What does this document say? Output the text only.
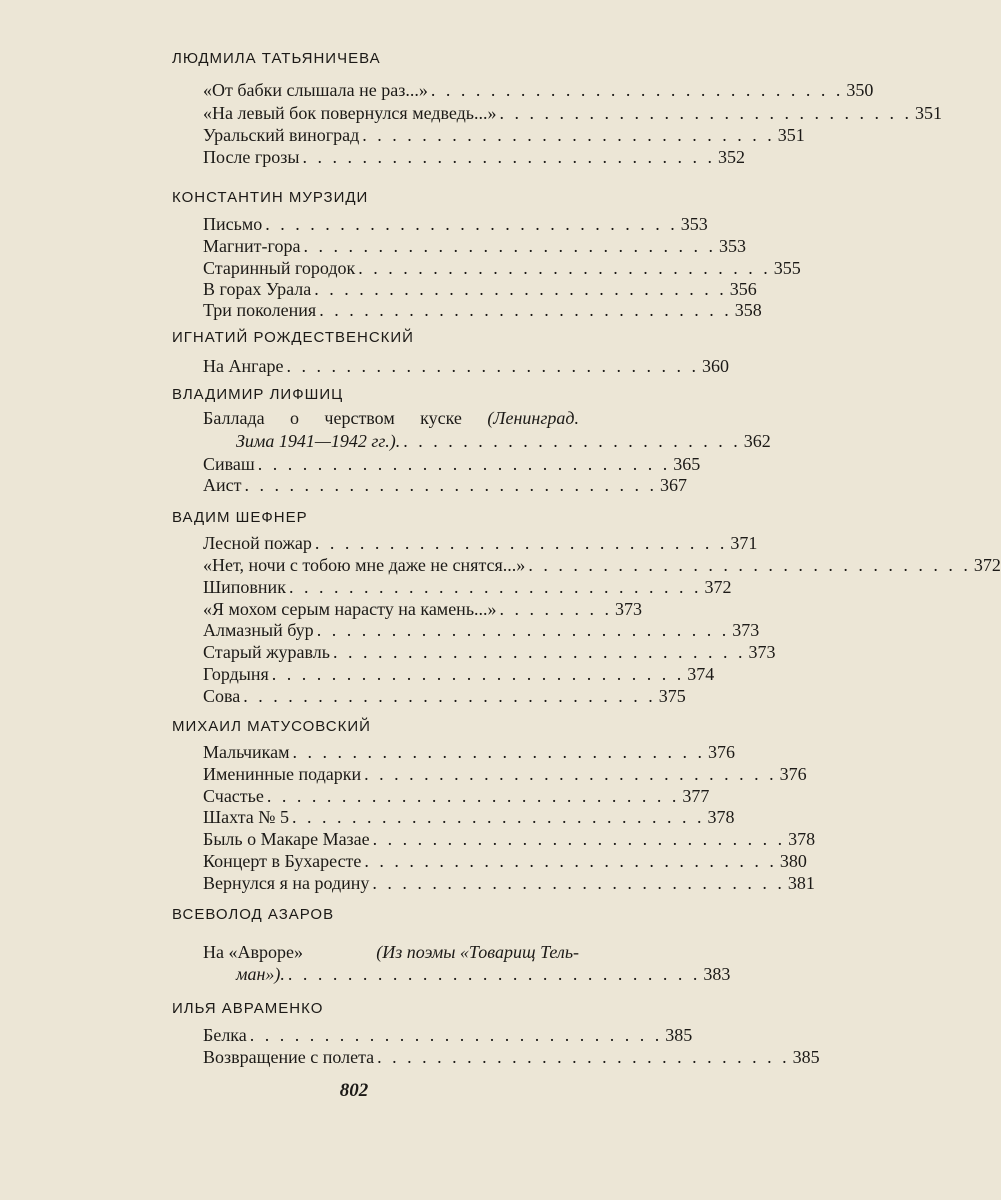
ЛЮДМИЛА ТАТЬЯНИЧЕВА
«От бабки слышала не раз...» . . . . . . . . . . . . . . . . . . . . . . . . . . . . 350
«На левый бок повернулся медведь...» . . . . . . . . . . . . . . . . . . . . . . . . . . . . 351
Уральский виноград . . . . . . . . . . . . . . . . . . . . . . . . . . . . 351
После грозы . . . . . . . . . . . . . . . . . . . . . . . . . . . . 352
КОНСТАНТИН МУРЗИДИ
Письмо . . . . . . . . . . . . . . . . . . . . . . . . . . . . 353
Магнит-гора . . . . . . . . . . . . . . . . . . . . . . . . . . . . 353
Старинный городок . . . . . . . . . . . . . . . . . . . . . . . . . . . . 355
В горах Урала . . . . . . . . . . . . . . . . . . . . . . . . . . . . 356
Три поколения . . . . . . . . . . . . . . . . . . . . . . . . . . . . 358
ИГНАТИЙ РОЖДЕСТВЕНСКИЙ
На Ангаре . . . . . . . . . . . . . . . . . . . . . . . . . . . . 360
ВЛАДИМИР ЛИФШИЦ
Баллада о черством куске (Ленинград.
Зима 1941—1942 гг.). . . . . . . . . . . . . . . . . . . . . . . . 362
Сиваш . . . . . . . . . . . . . . . . . . . . . . . . . . . . 365
Аист . . . . . . . . . . . . . . . . . . . . . . . . . . . . 367
ВАДИМ ШЕФНЕР
Лесной пожар . . . . . . . . . . . . . . . . . . . . . . . . . . . . 371
«Нет, ночи с тобою мне даже не снятся...» . . . . . . . . . . . . . . . . . . . . . . . . . . . . . . 372
Шиповник . . . . . . . . . . . . . . . . . . . . . . . . . . . . 372
«Я мохом серым нарасту на камень...» . . . . . . . . 373
Алмазный бур . . . . . . . . . . . . . . . . . . . . . . . . . . . . 373
Старый журавль . . . . . . . . . . . . . . . . . . . . . . . . . . . . 373
Гордыня . . . . . . . . . . . . . . . . . . . . . . . . . . . . 374
Сова . . . . . . . . . . . . . . . . . . . . . . . . . . . . 375
МИХАИЛ МАТУСОВСКИЙ
Мальчикам . . . . . . . . . . . . . . . . . . . . . . . . . . . . 376
Именинные подарки . . . . . . . . . . . . . . . . . . . . . . . . . . . . 376
Счастье . . . . . . . . . . . . . . . . . . . . . . . . . . . . 377
Шахта № 5 . . . . . . . . . . . . . . . . . . . . . . . . . . . . 378
Быль о Макаре Мазае . . . . . . . . . . . . . . . . . . . . . . . . . . . . 378
Концерт в Бухаресте . . . . . . . . . . . . . . . . . . . . . . . . . . . . 380
Вернулся я на родину . . . . . . . . . . . . . . . . . . . . . . . . . . . . 381
ВСЕВОЛОД АЗАРОВ
На «Авроре»	(Из поэмы «Товарищ Тель-
ман»). . . . . . . . . . . . . . . . . . . . . . . . . . . . . 383
ИЛЬЯ АВРАМЕНКО
Белка . . . . . . . . . . . . . . . . . . . . . . . . . . . . 385
Возвращение с полета . . . . . . . . . . . . . . . . . . . . . . . . . . . . 385
802
